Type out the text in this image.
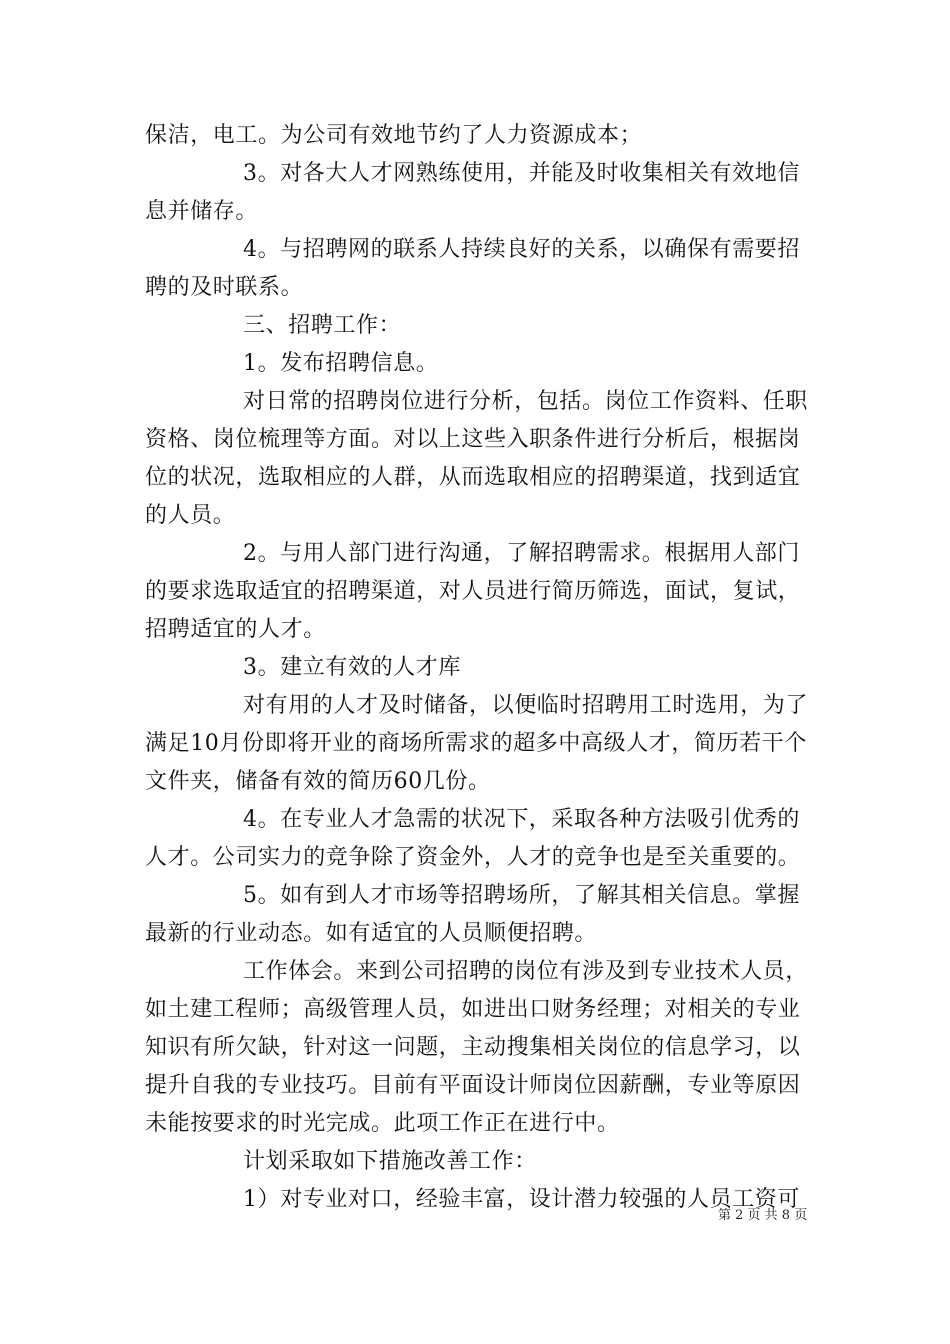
保洁，电工。为公司有效地节约了人力资源成本；
3。对各大人才网熟练使用，并能及时收集相关有效地信
息并储存。
4。与招聘网的联系人持续良好的关系，以确保有需要招
聘的及时联系。
三、招聘工作：
1。发布招聘信息。
对日常的招聘岗位进行分析，包括。岗位工作资料、任职
资格、岗位梳理等方面。对以上这些入职条件进行分析后，根据岗
位的状况，选取相应的人群，从而选取相应的招聘渠道，找到适宜
的人员。
2。与用人部门进行沟通，了解招聘需求。根据用人部门
的要求选取适宜的招聘渠道，对人员进行简历筛选，面试，复试，
招聘适宜的人才。
3。建立有效的人才库
对有用的人才及时储备，以便临时招聘用工时选用，为了
满足10月份即将开业的商场所需求的超多中高级人才，简历若干个
文件夹，储备有效的简历60几份。
4。在专业人才急需的状况下，采取各种方法吸引优秀的
人才。公司实力的竞争除了资金外，人才的竞争也是至关重要的。
5。如有到人才市场等招聘场所，了解其相关信息。掌握
最新的行业动态。如有适宜的人员顺便招聘。
工作体会。来到公司招聘的岗位有涉及到专业技术人员，
如土建工程师；高级管理人员，如进出口财务经理；对相关的专业
知识有所欠缺，针对这一问题，主动搜集相关岗位的信息学习，以
提升自我的专业技巧。目前有平面设计师岗位因薪酬，专业等原因
未能按要求的时光完成。此项工作正在进行中。
计划采取如下措施改善工作：
1）对专业对口，经验丰富，设计潜力较强的人员工资可
第 2 页 共 8 页
